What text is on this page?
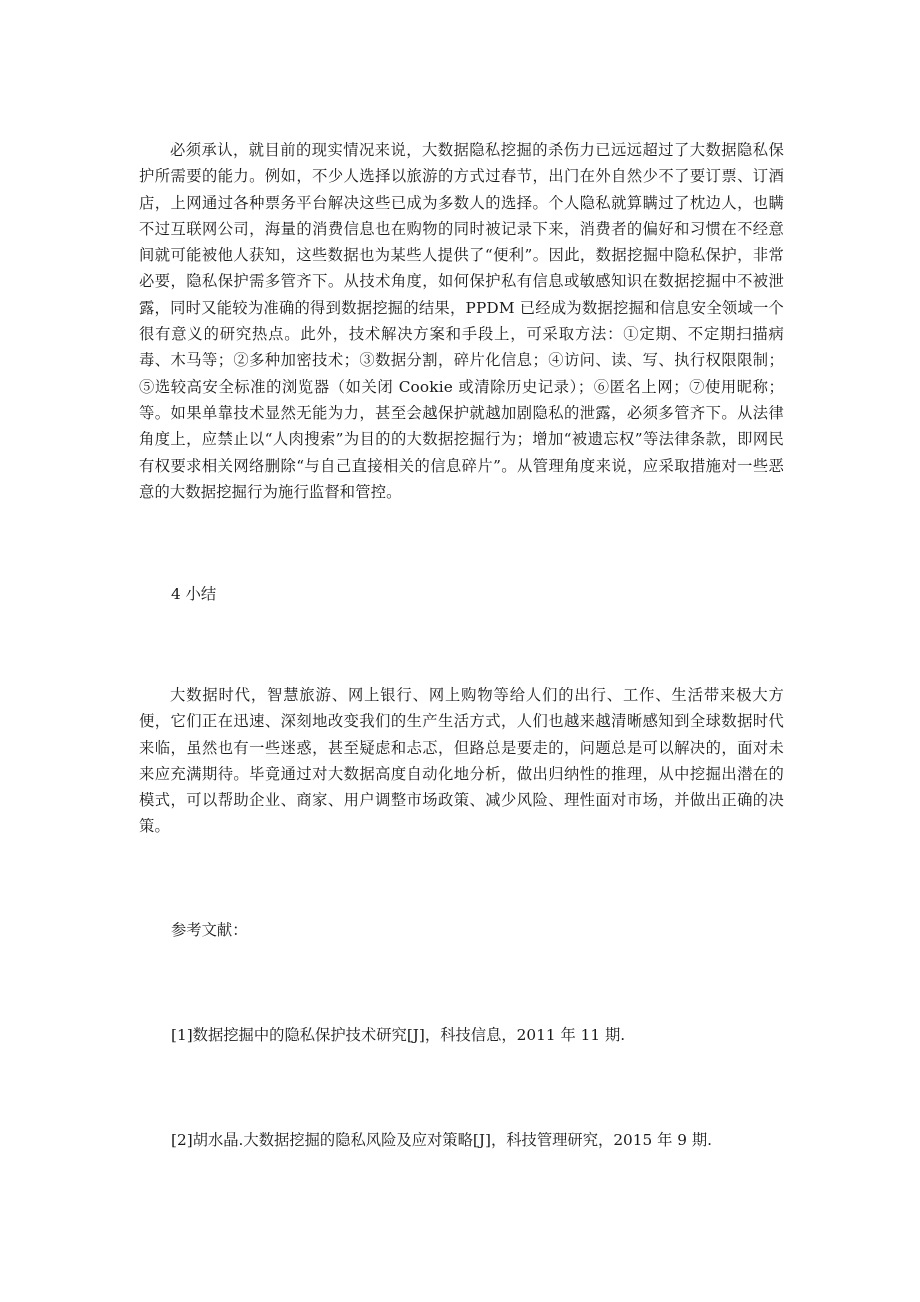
必须承认，就目前的现实情况来说，大数据隐私挖掘的杀伤力已远远超过了大数据隐私保护所需要的能力。例如，不少人选择以旅游的方式过春节，出门在外自然少不了要订票、订酒店，上网通过各种票务平台解决这些已成为多数人的选择。个人隐私就算瞒过了枕边人，也瞒不过互联网公司，海量的消费信息也在购物的同时被记录下来，消费者的偏好和习惯在不经意间就可能被他人获知，这些数据也为某些人提供了“便利”。因此，数据挖掘中隐私保护，非常必要，隐私保护需多管齐下。从技术角度，如何保护私有信息或敏感知识在数据挖掘中不被泄露，同时又能较为准确的得到数据挖掘的结果，PPDM 已经成为数据挖掘和信息安全领域一个很有意义的研究热点。此外，技术解决方案和手段上，可采取方法：①定期、不定期扫描病毒、木马等；②多种加密技术；③数据分割，碎片化信息；④访问、读、写、执行权限限制；⑤选较高安全标准的浏览器（如关闭 Cookie 或清除历史记录）；⑥匿名上网；⑦使用昵称；等。如果单靠技术显然无能为力，甚至会越保护就越加剧隐私的泄露，必须多管齐下。从法律角度上，应禁止以“人肉搜索”为目的的大数据挖掘行为；增加“被遗忘权”等法律条款，即网民有权要求相关网络删除“与自己直接相关的信息碎片”。从管理角度来说，应采取措施对一些恶意的大数据挖掘行为施行监督和管控。

4 小结

大数据时代，智慧旅游、网上银行、网上购物等给人们的出行、工作、生活带来极大方便，它们正在迅速、深刻地改变我们的生产生活方式，人们也越来越清晰感知到全球数据时代来临，虽然也有一些迷惑，甚至疑虑和忐忑，但路总是要走的，问题总是可以解决的，面对未来应充满期待。毕竟通过对大数据高度自动化地分析，做出归纳性的推理，从中挖掘出潜在的模式，可以帮助企业、商家、用户调整市场政策、减少风险、理性面对市场，并做出正确的决策。

参考文献：

[1]数据挖掘中的隐私保护技术研究[J]，科技信息，2011 年 11 期.

[2]胡水晶.大数据挖掘的隐私风险及应对策略[J]，科技管理研究，2015 年 9 期.
